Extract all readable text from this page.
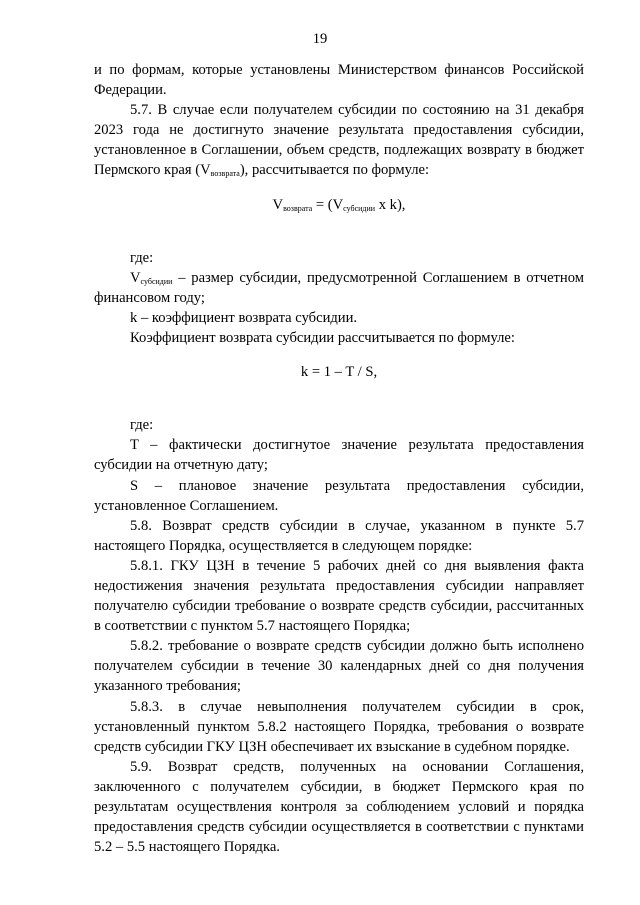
19

и по формам, которые установлены Министерством финансов Российской Федерации.

5.7. В случае если получателем субсидии по состоянию на 31 декабря 2023 года не достигнуто значение результата предоставления субсидии, установленное в Соглашении, объем средств, подлежащих возврату в бюджет Пермского края $(V_{возврата})$, рассчитывается по формуле:

$V_{возврата} = (V_{субсидии}$ x k),

где:

$V_{субсидии}$ – размер субсидии, предусмотренной Соглашением в отчетном финансовом году;

k – коэффициент возврата субсидии.

Коэффициент возврата субсидии рассчитывается по формуле:

k = 1 – T / S,

где:

T – фактически достигнутое значение результата предоставления субсидии на отчетную дату;

S – плановое значение результата предоставления субсидии, установленное Соглашением.

5.8. Возврат средств субсидии в случае, указанном в пункте 5.7 настоящего Порядка, осуществляется в следующем порядке:

5.8.1. ГКУ ЦЗН в течение 5 рабочих дней со дня выявления факта недостижения значения результата предоставления субсидии направляет получателю субсидии требование о возврате средств субсидии, рассчитанных в соответствии с пунктом 5.7 настоящего Порядка;

5.8.2. требование о возврате средств субсидии должно быть исполнено получателем субсидии в течение 30 календарных дней со дня получения указанного требования;

5.8.3. в случае невыполнения получателем субсидии в срок, установленный пунктом 5.8.2 настоящего Порядка, требования о возврате средств субсидии ГКУ ЦЗН обеспечивает их взыскание в судебном порядке.

5.9. Возврат средств, полученных на основании Соглашения, заключенного с получателем субсидии, в бюджет Пермского края по результатам осуществления контроля за соблюдением условий и порядка предоставления средств субсидии осуществляется в соответствии с пунктами 5.2 – 5.5 настоящего Порядка.
